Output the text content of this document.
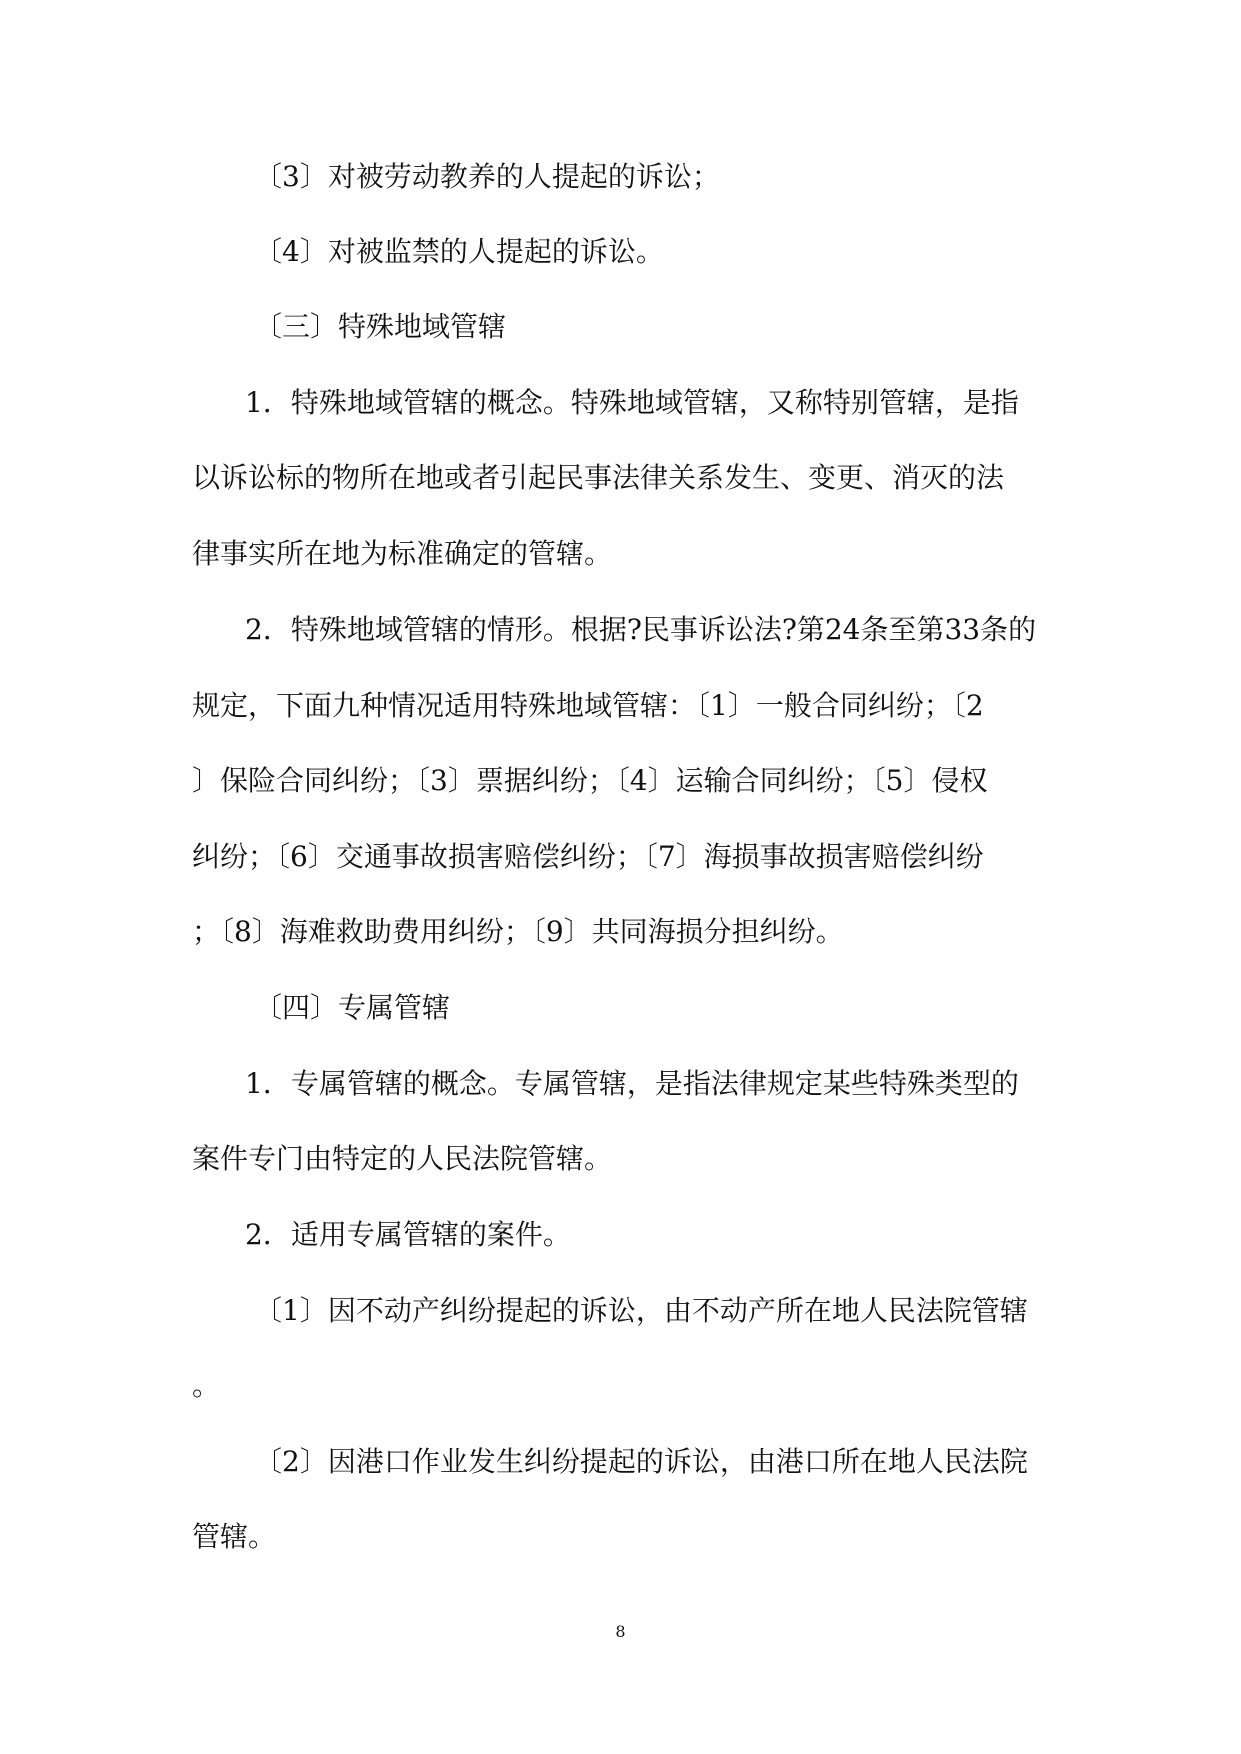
〔3〕对被劳动教养的人提起的诉讼；
〔4〕对被监禁的人提起的诉讼。
〔三〕特殊地域管辖
1．特殊地域管辖的概念。特殊地域管辖，又称特别管辖，是指
以诉讼标的物所在地或者引起民事法律关系发生、变更、消灭的法
律事实所在地为标准确定的管辖。
2．特殊地域管辖的情形。根据?民事诉讼法?第24条至第33条的
规定，下面九种情况适用特殊地域管辖：〔1〕一般合同纠纷；〔2
〕保险合同纠纷；〔3〕票据纠纷；〔4〕运输合同纠纷；〔5〕侵权
纠纷；〔6〕交通事故损害赔偿纠纷；〔7〕海损事故损害赔偿纠纷
；〔8〕海难救助费用纠纷；〔9〕共同海损分担纠纷。
〔四〕专属管辖
1．专属管辖的概念。专属管辖，是指法律规定某些特殊类型的
案件专门由特定的人民法院管辖。
2．适用专属管辖的案件。
〔1〕因不动产纠纷提起的诉讼，由不动产所在地人民法院管辖
。
〔2〕因港口作业发生纠纷提起的诉讼，由港口所在地人民法院
管辖。
8
